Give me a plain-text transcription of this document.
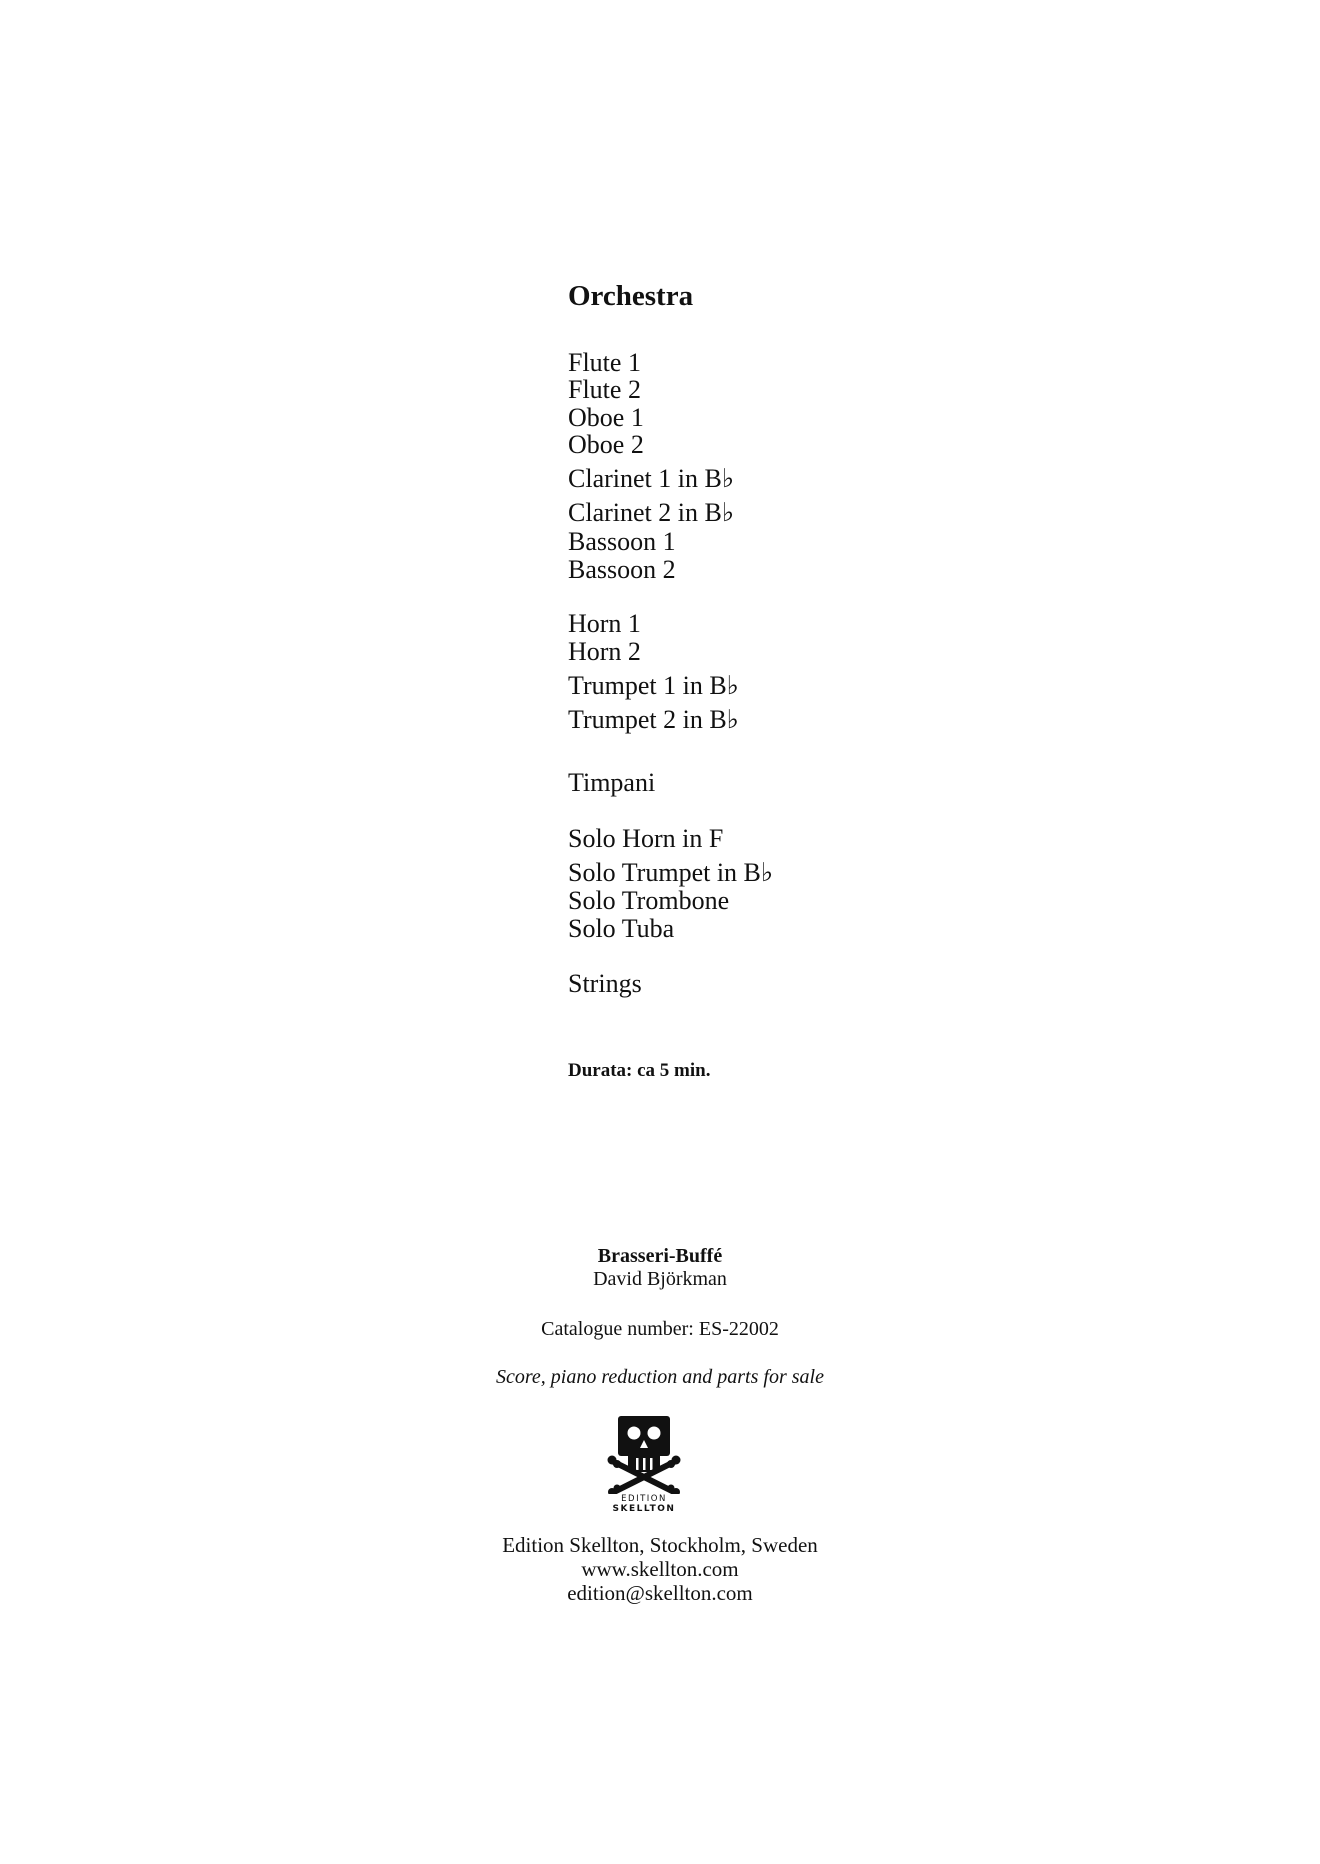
Orchestra
Flute 1
Flute 2
Oboe 1
Oboe 2
Clarinet 1 in B♭
Clarinet 2 in B♭
Bassoon 1
Bassoon 2
Horn 1
Horn 2
Trumpet 1 in B♭
Trumpet 2 in B♭
Timpani
Solo Horn in F
Solo Trumpet in B♭
Solo Trombone
Solo Tuba
Strings
Durata: ca 5 min.
Brasseri-Buffé
David Björkman
Catalogue number: ES-22002
Score, piano reduction and parts for sale
EDITION
SKELLTON
Edition Skellton, Stockholm, Sweden
www.skellton.com
edition@skellton.com
